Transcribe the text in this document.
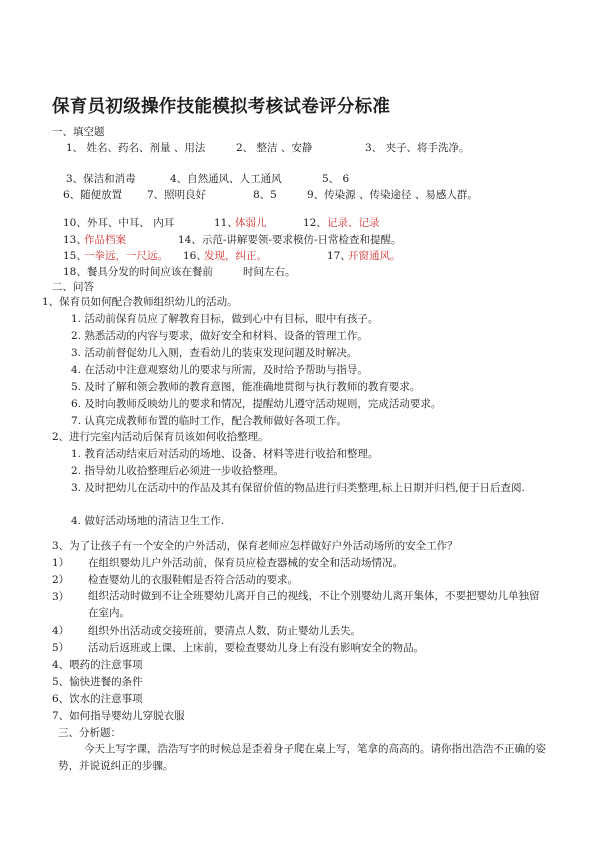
保育员初级操作技能模拟考核试卷评分标准
一、填空题
1、 姓名、药名、剂量 、用法	2、 整洁 、安静	3、 夹子、将手洗净。
3、保洁和消毒	4、自然通风、人工通风	5、 6
6、随便放置 7、照明良好	8、5	9、传染源 、传染途径 、易感人群。
10、外耳、中耳、 内耳	11、
体弱儿	12、 记录、记录
13、
作品档案	14、示范-讲解要领-要求模仿-日常检查和提醒。
15、
一拳远，一尺远。 16、
发现，纠正。	17、
开窗通风。
18、餐具分发的时间应该在餐前	时间左右。
二、问答
1、保育员如何配合教师组织幼儿的活动。
1. 活动前保育员应了解教育目标，做到心中有目标，眼中有孩子。
2. 熟悉活动的内容与要求，做好安全和材料、设备的管理工作。
3. 活动前督促幼儿入厕，查看幼儿的装束发现问题及时解决。
4. 在活动中注意观察幼儿的要求与所需，及时给予帮助与指导。
5. 及时了解和领会教师的教育意图，能准确地贯彻与执行教师的教育要求。
6. 及时向教师反映幼儿的要求和情况，提醒幼儿遵守活动规则，完成活动要求。
7. 认真完成教师布置的临时工作，配合教师做好各项工作。
2、进行完室内活动后保育员该如何收拾整理。
1. 教育活动结束后对活动的场地、设备、材料等进行收拾和整理。
2. 指导幼儿收拾整理后必须进一步收拾整理。
3. 及时把幼儿在活动中的作品及其有保留价值的物品进行归类整理,标上日期并归档,便于日后查阅.
4. 做好活动场地的清洁卫生工作.
3、为了让孩子有一个安全的户外活动，保育老师应怎样做好户外活动场所的安全工作？
1） 在组织婴幼儿户外活动前，保育员应检查器械的安全和活动场情况。
2） 检查婴幼儿的衣服鞋帽是否符合活动的要求。
3） 组织活动时做到不让全班婴幼儿离开自己的视线，不让个别婴幼儿离开集体，不要把婴幼儿单独留在室内。
4） 组织外出活动或交接班前，要清点人数，防止婴幼儿丢失。
5） 活动后返班或上课、上床前，要检查婴幼儿身上有没有影响安全的物品。
4、喂药的注意事项
5、愉快进餐的条件
6、饮水的注意事项
7、如何指导婴幼儿穿脱衣服
三、分析题：
今天上写字课，浩浩写字的时候总是歪着身子爬在桌上写，笔拿的高高的。请你指出浩浩不正确的姿势，并说说纠正的步骤。
